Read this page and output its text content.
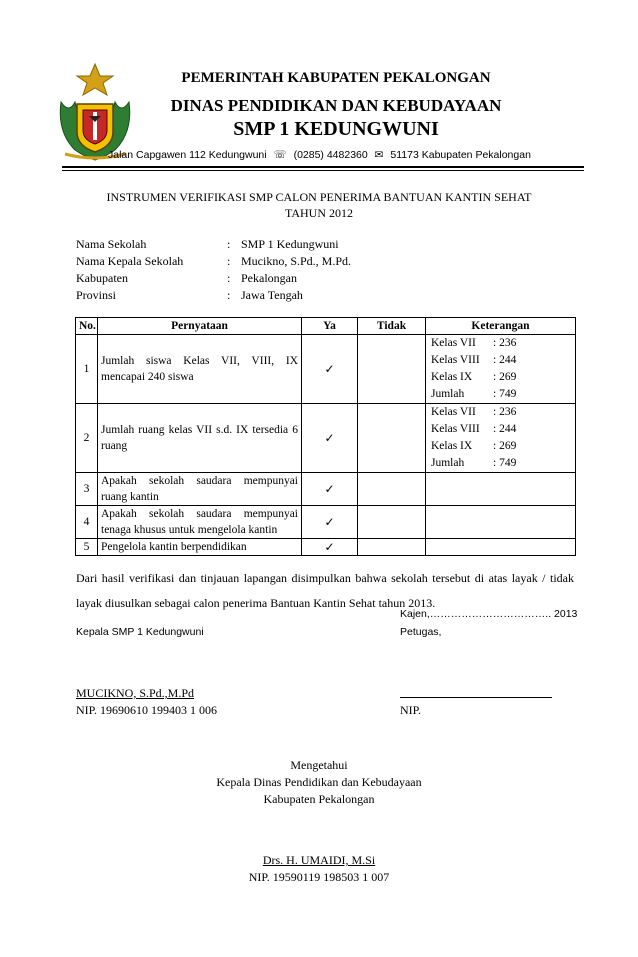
PEMERINTAH KABUPATEN PEKALONGAN
DINAS PENDIDIKAN DAN KEBUDAYAAN
SMP 1 KEDUNGWUNI
Jalan Capgawen 112 Kedungwuni ☏ (0285) 4482360 ✉ 51173 Kabupaten Pekalongan
INSTRUMEN VERIFIKASI SMP CALON PENERIMA BANTUAN KANTIN SEHAT
TAHUN 2012
Nama Sekolah	: SMP 1 Kedungwuni
Nama Kepala Sekolah	: Mucikno, S.Pd., M.Pd.
Kabupaten	: Pekalongan
Provinsi	: Jawa Tengah
No.	Pernyataan	Ya	Tidak	Keterangan
1	Jumlah siswa Kelas VII, VIII, IX mencapai 240 siswa	✓		Kelas VII : 236
Kelas VIII : 244
Kelas IX : 269
Jumlah : 749

2	Jumlah ruang kelas VII s.d. IX tersedia 6 ruang	✓		Kelas VII : 236
Kelas VIII : 244
Kelas IX : 269
Jumlah : 749

3	Apakah sekolah saudara mempunyai ruang kantin	✓		
4	Apakah sekolah saudara mempunyai tenaga khusus untuk mengelola kantin	✓		
5	Pengelola kantin berpendidikan	✓		
Dari hasil verifikasi dan tinjauan lapangan disimpulkan bahwa sekolah tersebut di atas layak / tidak layak diusulkan sebagai calon penerima Bantuan Kantin Sehat tahun 2013.
Kajen,…………………………….. 2013
Kepala SMP 1 Kedungwuni	Petugas,
MUCIKNO, S.Pd.,M.Pd
NIP. 19690610 199403 1 006	NIP.
Mengetahui
Kepala Dinas Pendidikan dan Kebudayaan
Kabupaten Pekalongan
Drs. H. UMAIDI, M.Si
NIP. 19590119 198503 1 007
